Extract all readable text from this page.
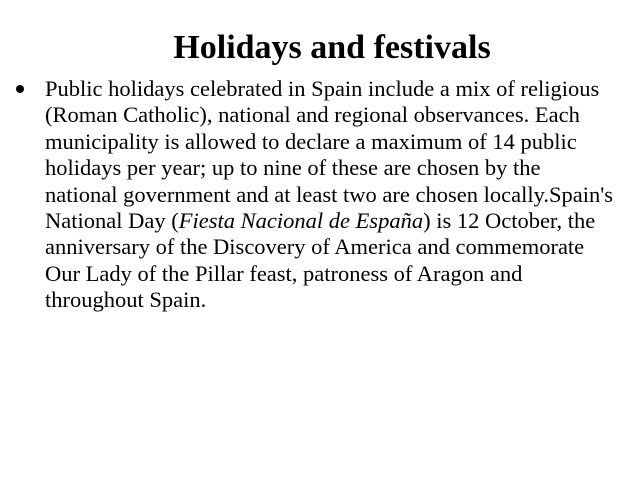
Holidays and festivals
Public holidays celebrated in Spain include a mix of religious (Roman Catholic), national and regional observances. Each municipality is allowed to declare a maximum of 14 public holidays per year; up to nine of these are chosen by the national government and at least two are chosen locally.Spain's National Day (Fiesta Nacional de España) is 12 October, the anniversary of the Discovery of America and commemorate Our Lady of the Pillar feast, patroness of Aragon and throughout Spain.
